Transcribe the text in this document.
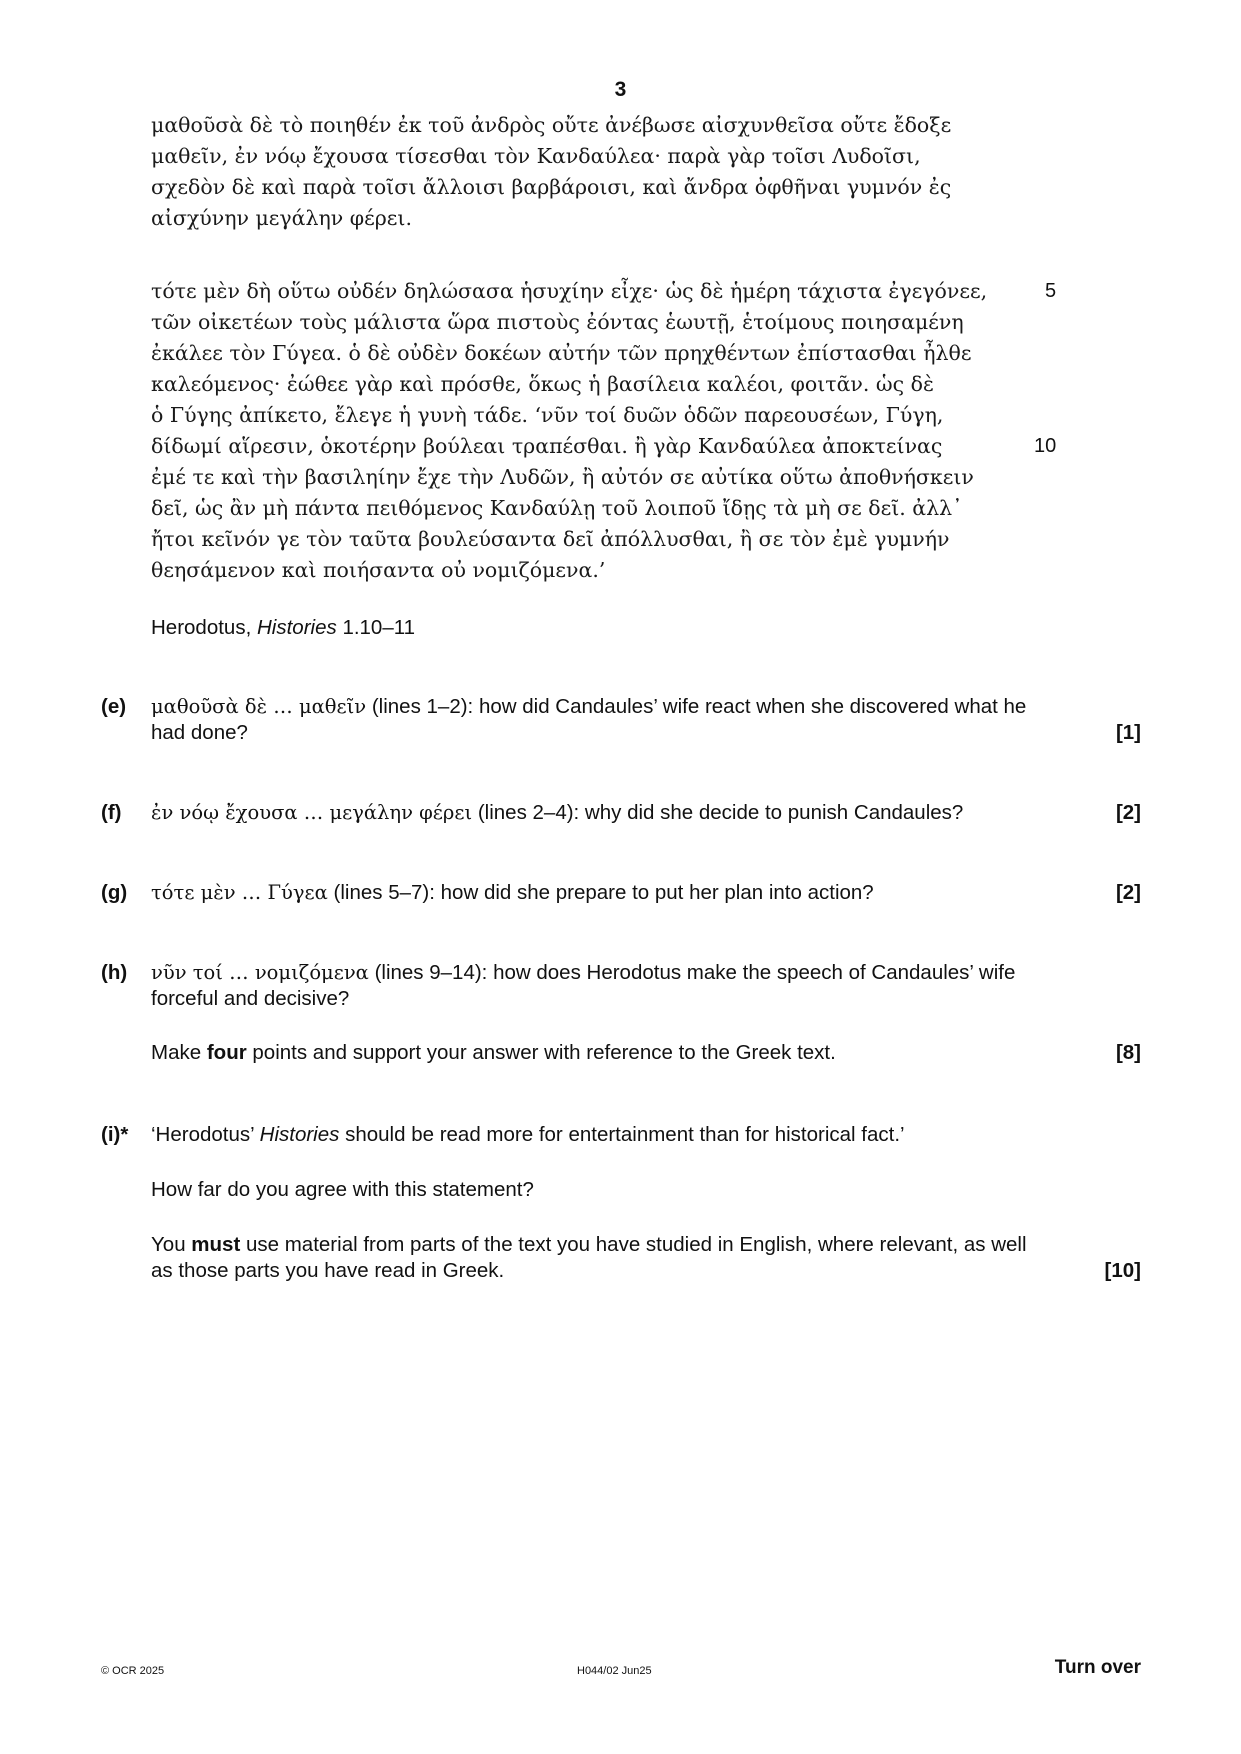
3
μαθοῦσὰ δὲ τὸ ποιηθέν ἐκ τοῦ ἀνδρὸς οὔτε ἀνέβωσε αἰσχυνθεῖσα οὔτε ἔδοξε
μαθεῖν, ἐν νόῳ ἔχουσα τίσεσθαι τὸν Κανδαύλεα· παρὰ γὰρ τοῖσι Λυδοῖσι,
σχεδὸν δὲ καὶ παρὰ τοῖσι ἄλλοισι βαρβάροισι, καὶ ἄνδρα ὀφθῆναι γυμνόν ἐς
αἰσχύνην μεγάλην φέρει.
τότε μὲν δὴ οὕτω οὐδέν δηλώσασα ἡσυχίην εἶχε· ὡς δὲ ἡμέρη τάχιστα ἐγεγόνεε,
τῶν οἰκετέων τοὺς μάλιστα ὥρα πιστοὺς ἐόντας ἑωυτῇ, ἑτοίμους ποιησαμένη
ἐκάλεε τὸν Γύγεα. ὁ δὲ οὐδὲν δοκέων αὐτήν τῶν πρηχθέντων ἐπίστασθαι ἦλθε
καλεόμενος· ἐώθεε γὰρ καὶ πρόσθε, ὅκως ἡ βασίλεια καλέοι, φοιτᾶν. ὡς δὲ
ὁ Γύγης ἀπίκετο, ἔλεγε ἡ γυνὴ τάδε. ‘νῦν τοί δυῶν ὁδῶν παρεουσέων, Γύγη,
δίδωμί αἵρεσιν, ὁκοτέρην βούλεαι τραπέσθαι. ἢ γὰρ Κανδαύλεα ἀποκτείνας
ἐμέ τε καὶ τὴν βασιληίην ἔχε τὴν Λυδῶν, ἢ αὐτόν σε αὐτίκα οὕτω ἀποθνήσκειν
δεῖ, ὡς ἂν μὴ πάντα πειθόμενος Κανδαύλῃ τοῦ λοιποῦ ἴδῃς τὰ μὴ σε δεῖ. ἀλλ᾽
ἤτοι κεῖνόν γε τὸν ταῦτα βουλεύσαντα δεῖ ἀπόλλυσθαι, ἢ σε τὸν ἐμὲ γυμνήν
θεησάμενον καὶ ποιήσαντα οὐ νομιζόμενα.’
5
10
Herodotus, Histories 1.10–11
(e) μαθοῦσὰ δὲ … μαθεῖν (lines 1–2): how did Candaules’ wife react when she discovered what he
had done?	[1]
(f) ἐν νόῳ ἔχουσα … μεγάλην φέρει (lines 2–4): why did she decide to punish Candaules?	[2]
(g) τότε μὲν … Γύγεα (lines 5–7): how did she prepare to put her plan into action?	[2]
(h) νῦν τοί … νομιζόμενα (lines 9–14): how does Herodotus make the speech of Candaules’ wife
forceful and decisive?
Make four points and support your answer with reference to the Greek text.	[8]
(i)* ‘Herodotus’ Histories should be read more for entertainment than for historical fact.’
How far do you agree with this statement?
You must use material from parts of the text you have studied in English, where relevant, as well
as those parts you have read in Greek.	[10]
© OCR 2025	H044/02 Jun25	Turn over
